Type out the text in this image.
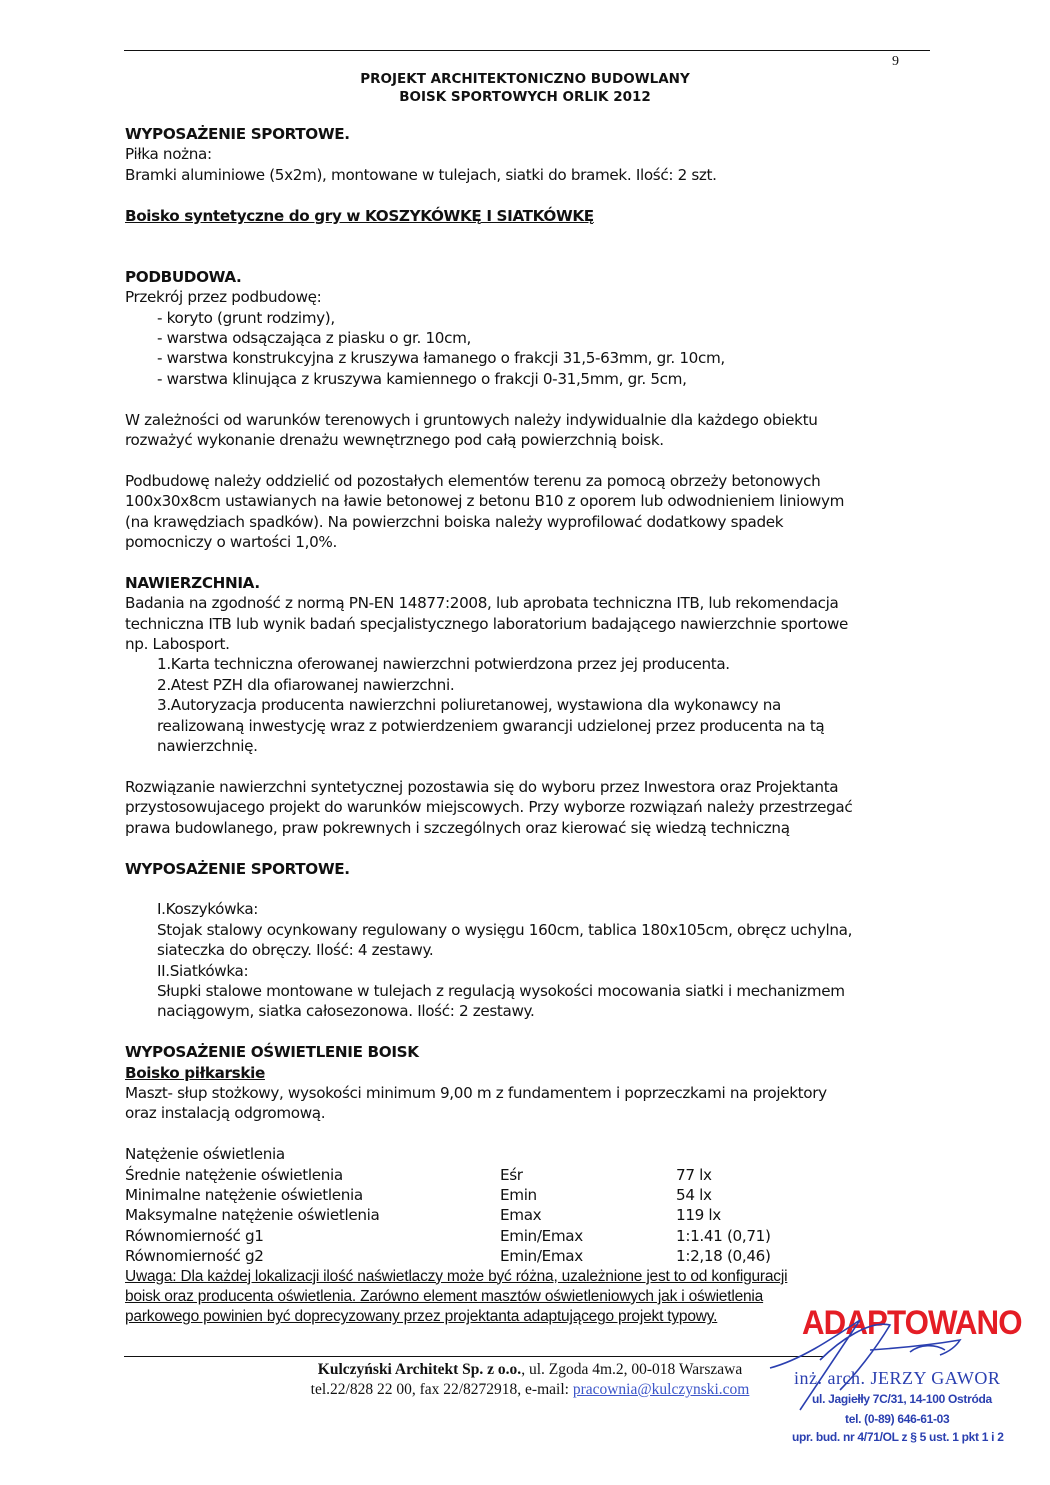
9
PROJEKT ARCHITEKTONICZNO BUDOWLANY
BOISK SPORTOWYCH ORLIK 2012
WYPOSAŻENIE SPORTOWE.
Piłka nożna:
Bramki aluminiowe (5x2m), montowane w tulejach, siatki do bramek. Ilość: 2 szt.
Boisko syntetyczne do gry w KOSZYKÓWKĘ I SIATKÓWKĘ
PODBUDOWA.
Przekrój przez podbudowę:
- koryto (grunt rodzimy),
- warstwa odsączająca z piasku o gr. 10cm,
- warstwa konstrukcyjna z kruszywa łamanego o frakcji 31,5-63mm, gr. 10cm,
- warstwa klinująca z kruszywa kamiennego o frakcji 0-31,5mm, gr. 5cm,
W zależności od warunków terenowych i gruntowych należy indywidualnie dla każdego obiektu
rozważyć wykonanie drenażu wewnętrznego pod całą powierzchnią boisk.
Podbudowę należy oddzielić od pozostałych elementów terenu za pomocą obrzeży betonowych
100x30x8cm ustawianych na ławie betonowej z betonu B10 z oporem lub odwodnieniem liniowym
(na krawędziach spadków). Na powierzchni boiska należy wyprofilować dodatkowy spadek
pomocniczy o wartości 1,0%.
NAWIERZCHNIA.
Badania na zgodność z normą PN-EN 14877:2008, lub aprobata techniczna ITB, lub rekomendacja
techniczna ITB lub wynik badań specjalistycznego laboratorium badającego nawierzchnie sportowe
np. Labosport.
1.Karta techniczna oferowanej nawierzchni potwierdzona przez jej producenta.
2.Atest PZH dla ofiarowanej nawierzchni.
3.Autoryzacja producenta nawierzchni poliuretanowej, wystawiona dla wykonawcy na
realizowaną inwestycję wraz z potwierdzeniem gwarancji udzielonej przez producenta na tą
nawierzchnię.
Rozwiązanie nawierzchni syntetycznej pozostawia się do wyboru przez Inwestora oraz Projektanta
przystosowujacego projekt do warunków miejscowych. Przy wyborze rozwiązań należy przestrzegać
prawa budowlanego, praw pokrewnych i szczególnych oraz kierować się wiedzą techniczną
WYPOSAŻENIE SPORTOWE.
I.Koszykówka:
Stojak stalowy ocynkowany regulowany o wysięgu 160cm, tablica 180x105cm, obręcz uchylna,
siateczka do obręczy. Ilość: 4 zestawy.
II.Siatkówka:
Słupki stalowe montowane w tulejach z regulacją wysokości mocowania siatki i mechanizmem
naciągowym, siatka całosezonowa. Ilość: 2 zestawy.
WYPOSAŻENIE OŚWIETLENIE BOISK
Boisko piłkarskie
Maszt- słup stożkowy, wysokości minimum 9,00 m z fundamentem i poprzeczkami na projektory
oraz instalacją odgromową.
Natężenie oświetlenia
Średnie natężenie oświetlenia	Eśr	77 lx
Minimalne natężenie oświetlenia	Emin	54 lx
Maksymalne natężenie oświetlenia	Emax	119 lx
Równomierność g1	Emin/Emax	1:1.41 (0,71)
Równomierność g2	Emin/Emax	1:2,18 (0,46)
Uwaga: Dla każdej lokalizacji ilość naświetlaczy może być różna, uzależnione jest to od konfiguracji
boisk oraz producenta oświetlenia. Zarówno element masztów oświetleniowych jak i oświetlenia
parkowego powinien być doprecyzowany przez projektanta adaptującego projekt typowy.
Kulczyński Architekt Sp. z o.o., ul. Zgoda 4m.2, 00-018 Warszawa
tel.22/828 22 00, fax 22/8272918, e-mail: pracownia@kulczynski.com
ADAPTOWANO
inż. arch. JERZY GAWOR
ul. Jagiełły 7C/31, 14-100 Ostróda
tel. (0-89) 646-61-03
upr. bud. nr 4/71/OL z § 5 ust. 1 pkt 1 i 2
